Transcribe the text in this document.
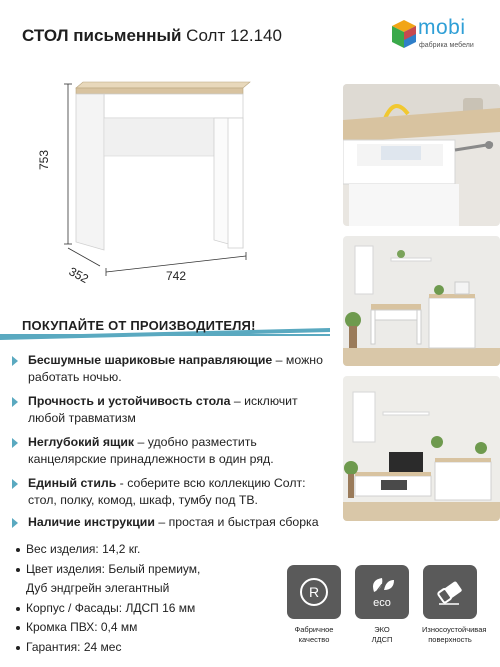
СТОЛ письменный Солт 12.140	mobi
фабрика мебели
753
352	742
ПОКУПАЙТЕ ОТ ПРОИЗВОДИТЕЛЯ!
Бесшумные шариковые направляющие – можно работать ночью.
Прочность и устойчивость стола – исключит любой травматизм
Неглубокий ящик – удобно разместить канцелярские принадлежности в один ряд.
Единый стиль - соберите всю коллекцию Солт: стол, полку, комод, шкаф, тумбу под ТВ.
Наличие инструкции – простая и быстрая сборка
Вес изделия: 14,2 кг.
Цвет изделия: Белый премиум,
Дуб эндгрейн элегантный
Корпус / Фасады: ЛДСП 16 мм
Кромка ПВХ: 0,4 мм
Гарантия: 24 мес
R
Фабричное
качество
eco
ЭКО
ЛДСП
Износоустойчивая
поверхность
